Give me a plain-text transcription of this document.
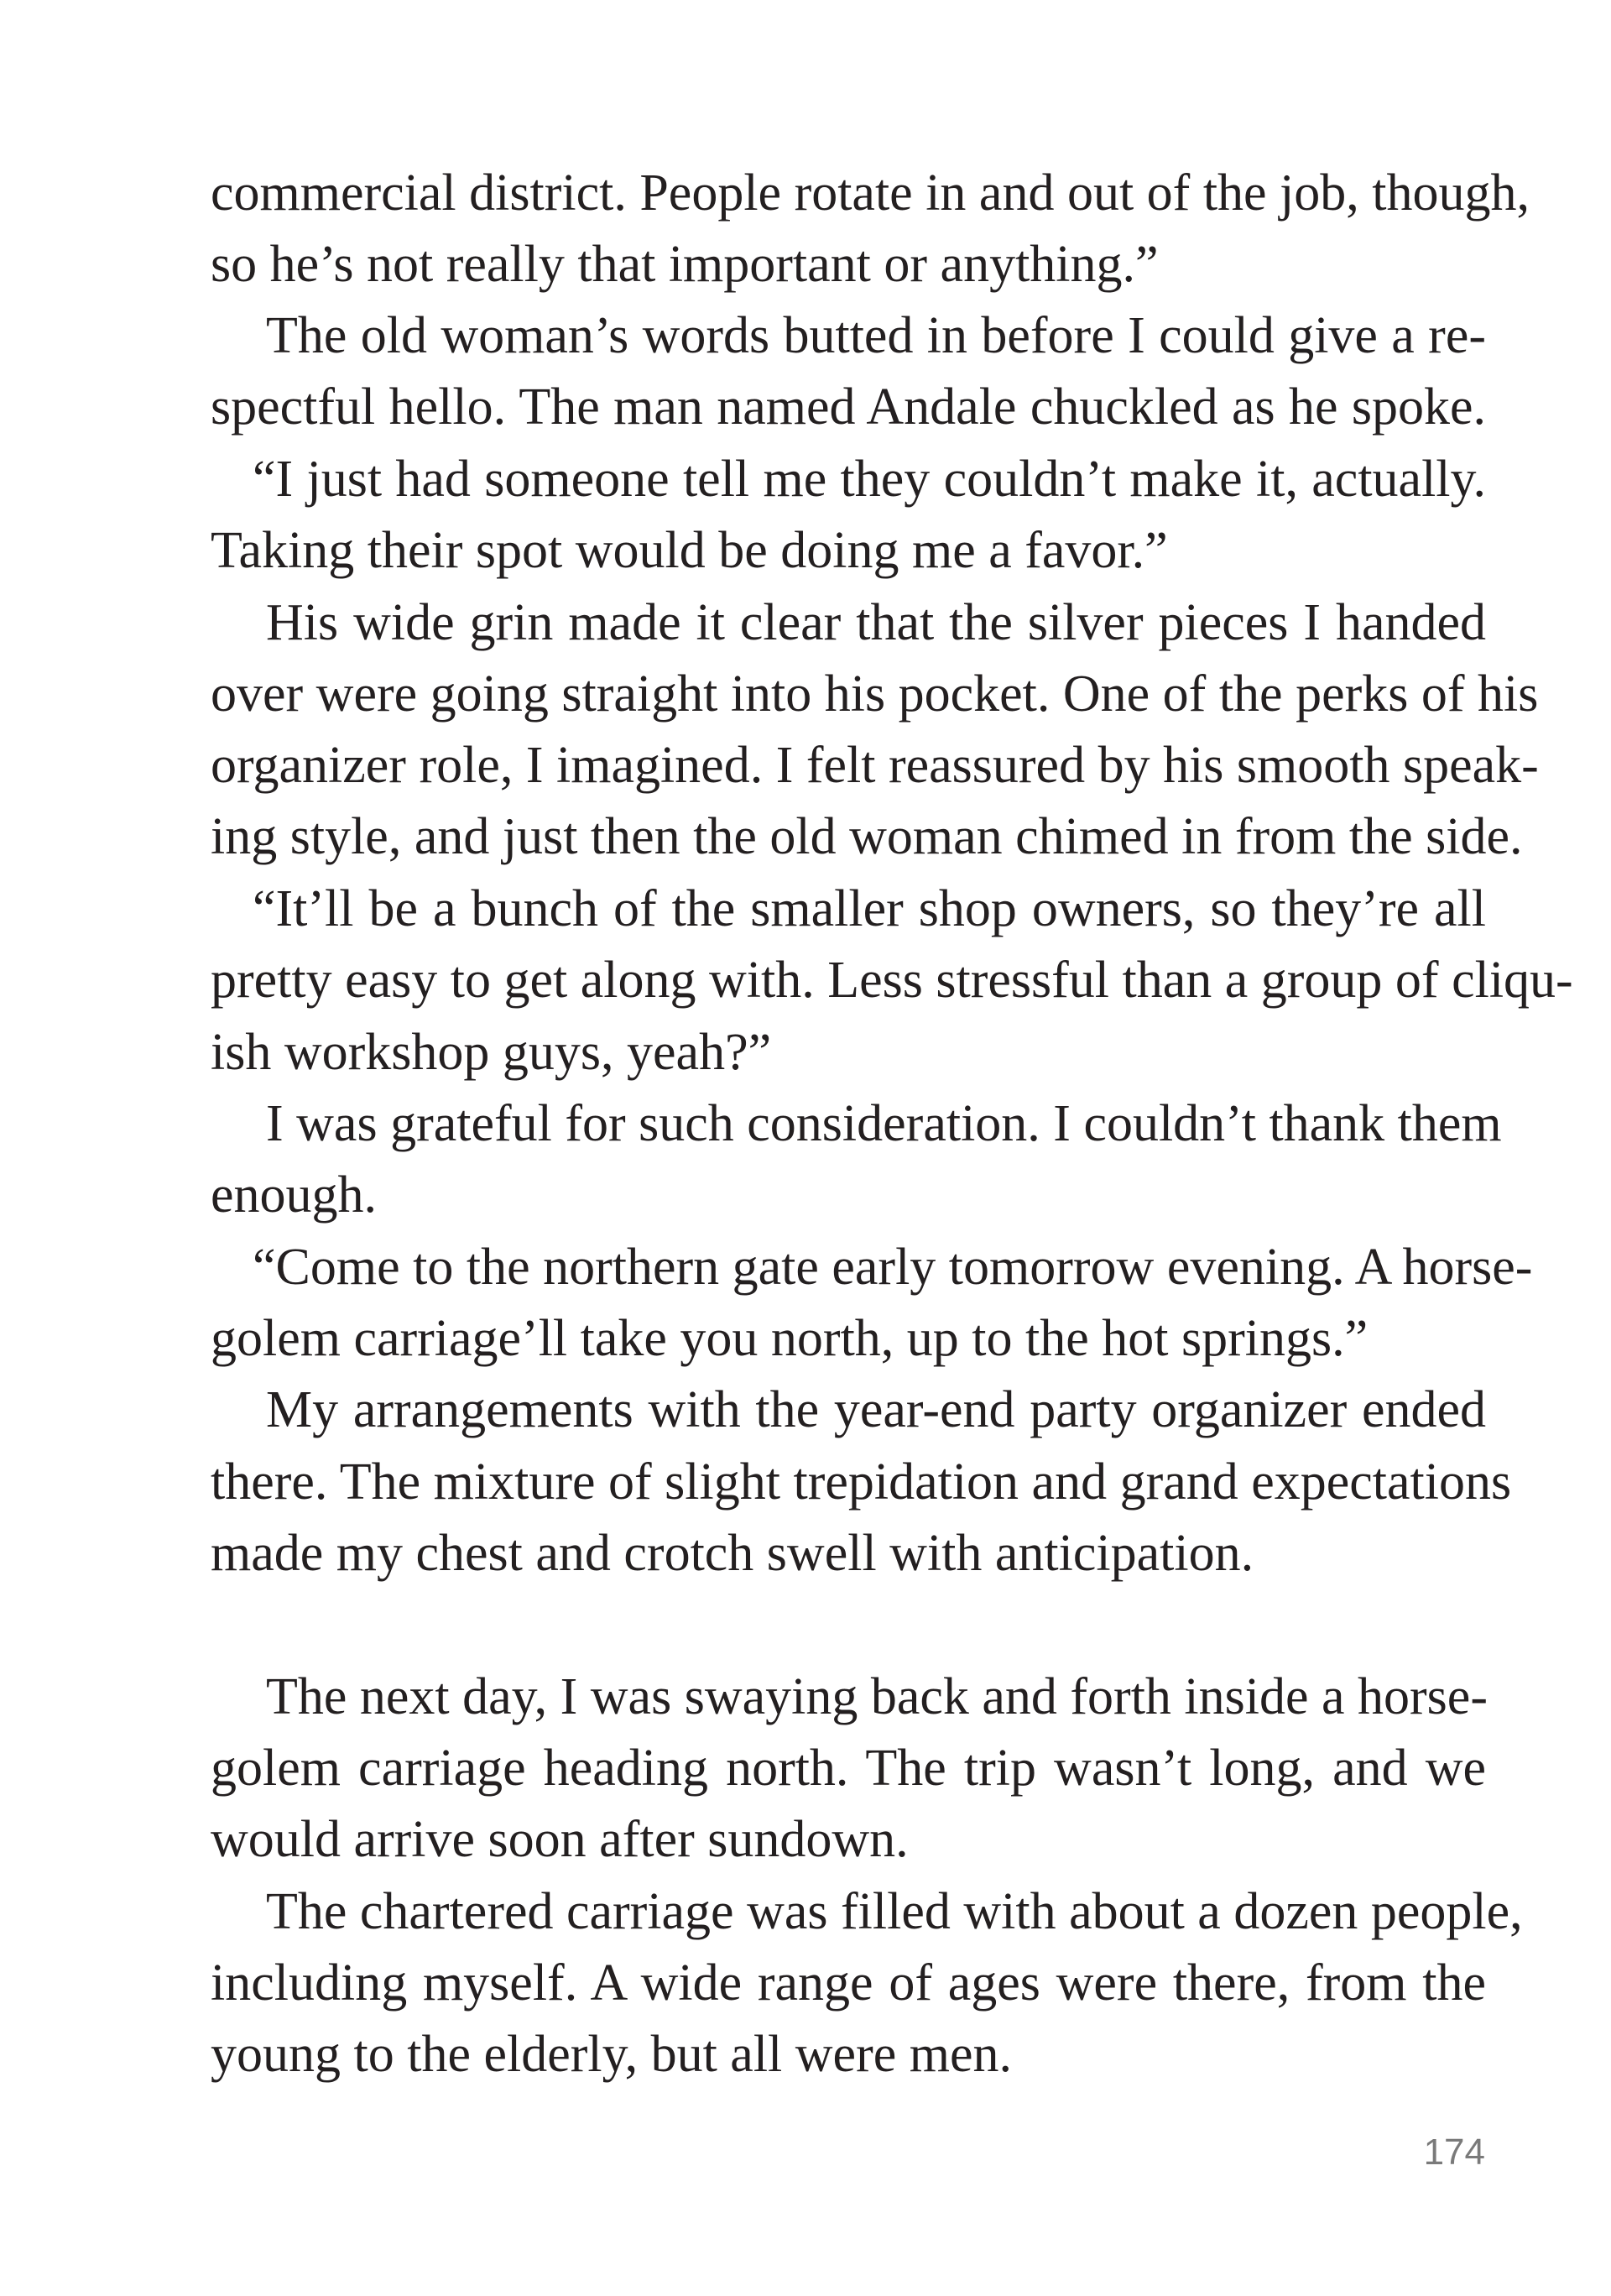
commercial district. People rotate in and out of the job, though,
so he’s not really that important or anything.”
The old woman’s words butted in before I could give a re-
spectful hello. The man named Andale chuckled as he spoke.
“I just had someone tell me they couldn’t make it, actually.
Taking their spot would be doing me a favor.”
His wide grin made it clear that the silver pieces I handed
over were going straight into his pocket. One of the perks of his
organizer role, I imagined. I felt reassured by his smooth speak-
ing style, and just then the old woman chimed in from the side.
“It’ll be a bunch of the smaller shop owners, so they’re all
pretty easy to get along with. Less stressful than a group of cliqu-
ish workshop guys, yeah?”
I was grateful for such consideration. I couldn’t thank them
enough.
“Come to the northern gate early tomorrow evening. A horse-
golem carriage’ll take you north, up to the hot springs.”
My arrangements with the year-end party organizer ended
there. The mixture of slight trepidation and grand expectations
made my chest and crotch swell with anticipation.
The next day, I was swaying back and forth inside a horse-
golem carriage heading north. The trip wasn’t long, and we
would arrive soon after sundown.
The chartered carriage was filled with about a dozen people,
including myself. A wide range of ages were there, from the
young to the elderly, but all were men.
174
